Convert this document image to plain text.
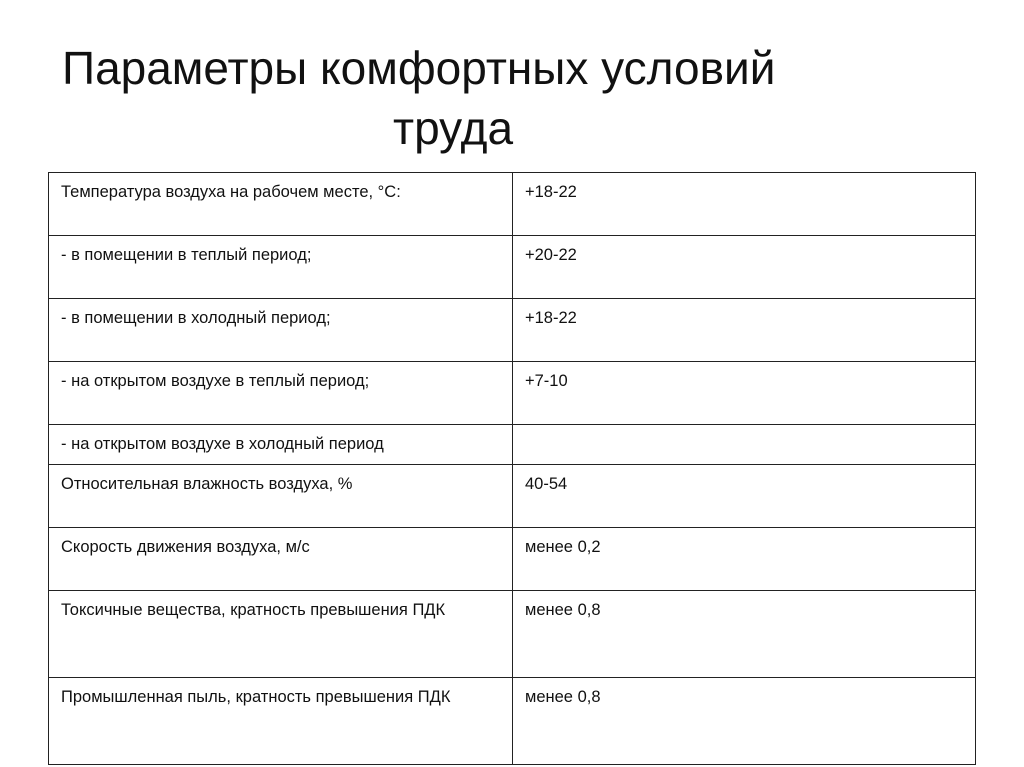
Параметры комфортных условий
труда
Температура воздуха на рабочем месте, °С:	+18-22
- в помещении в теплый период;	+20-22
- в помещении в холодный период;	+18-22
- на открытом воздухе в теплый период;	+7-10
- на открытом воздухе в холодный период	
Относительная влажность воздуха, %	40-54
Скорость движения воздуха, м/с	менее 0,2
Токсичные вещества, кратность превышения ПДК	менее 0,8
Промышленная пыль, кратность превышения ПДК	менее 0,8
